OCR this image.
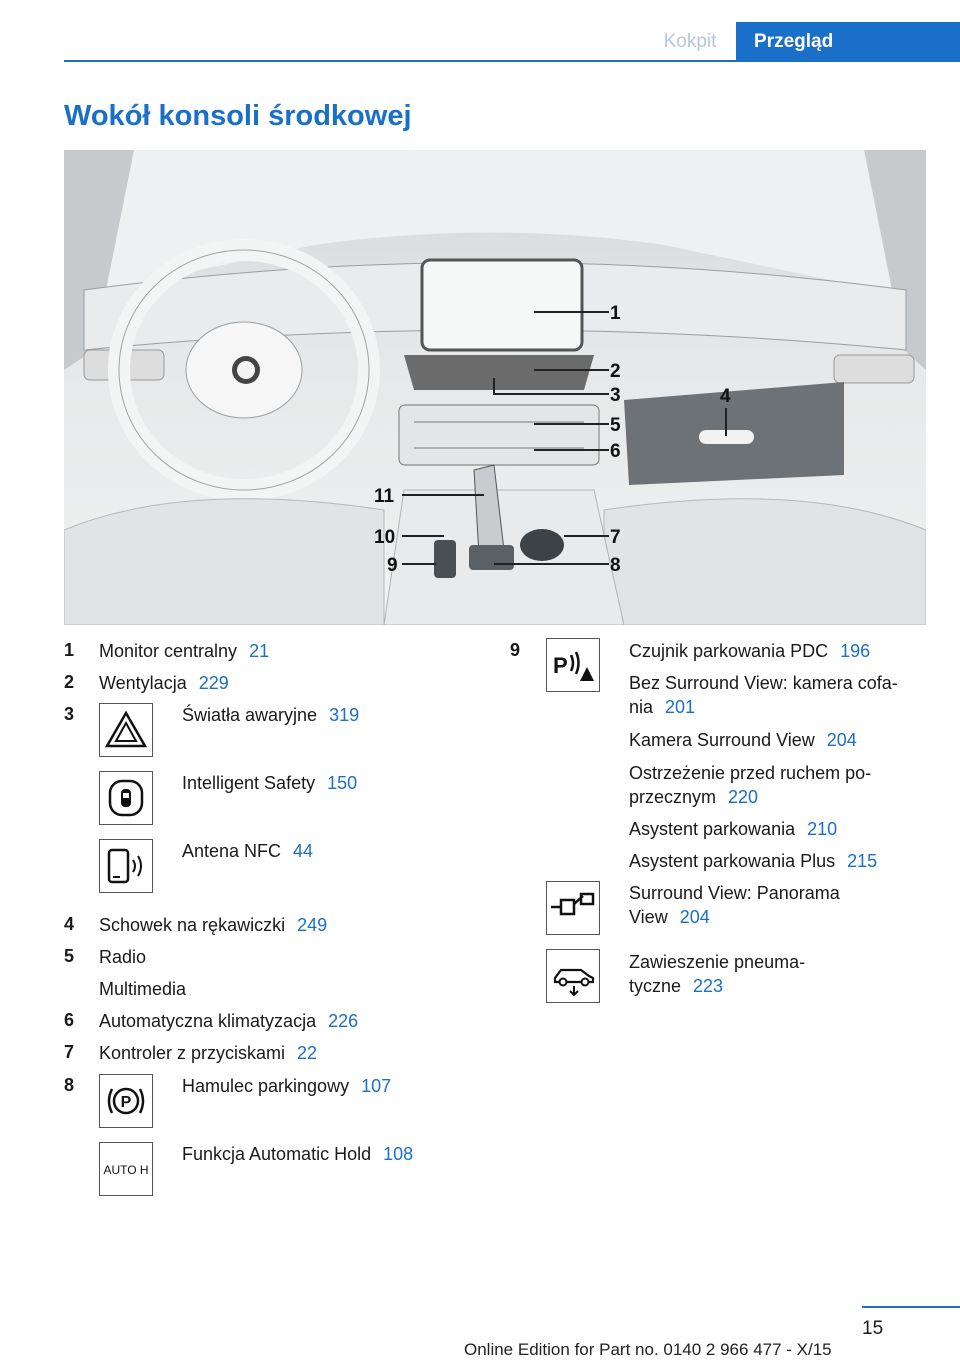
Kokpit	Przegląd
Wokół konsoli środkowej
1
2
3	4
5
6
7
8
9
10
11
1 Monitor centralny 21
2 Wentylacja 229
3	Światła awaryjne 319
Intelligent Safety 150
Antena NFC 44
4 Schowek na rękawiczki 249
5 Radio
Multimedia
6 Automatyczna klimatyzacja 226
7 Kontroler z przyciskami 22
8
P
Hamulec parkingowy 107
AUTO H
Funkcja Automatic Hold 108
9
P
Czujnik parkowania PDC 196
Bez Surround View: kamera cofa-
nia 201
Kamera Surround View 204
Ostrzeżenie przed ruchem po-
przecznym 220
Asystent parkowania 210
Asystent parkowania Plus 215
Surround View: Panorama
View 204
Zawieszenie pneuma-
tyczne 223
15
Online Edition for Part no. 0140 2 966 477 - X/15
